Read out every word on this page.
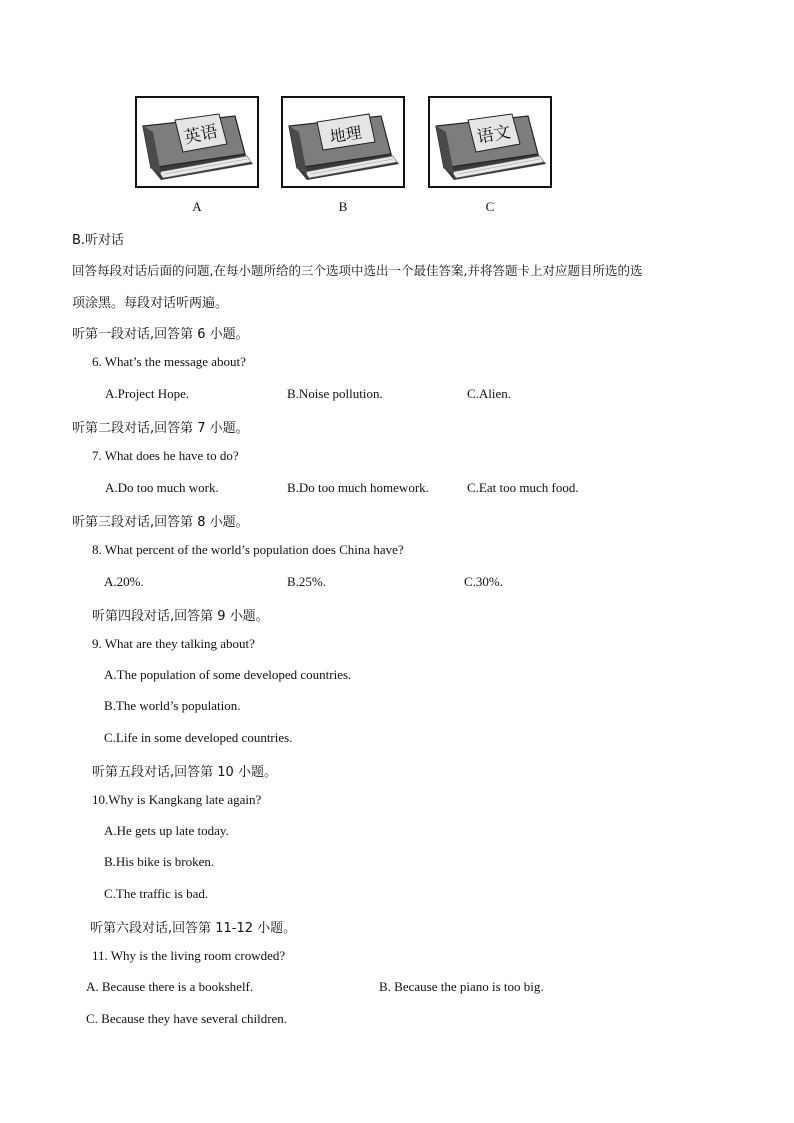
英语	地理	语文
A	B	C
B.听对话
回答每段对话后面的问题,在每小题所给的三个选项中选出一个最佳答案,并将答题卡上对应题目所选的选
项涂黑。每段对话听两遍。
听第一段对话,回答第 6 小题。
6. What’s the message about?
A.Project Hope.	B.Noise pollution.	C.Alien.
听第二段对话,回答第 7 小题。
7. What does he have to do?
A.Do too much work.	B.Do too much homework.	C.Eat too much food.
听第三段对话,回答第 8 小题。
8. What percent of the world’s population does China have?
A.20%.	B.25%.	C.30%.
听第四段对话,回答第 9 小题。
9. What are they talking about?
A.The population of some developed countries.
B.The world’s population.
C.Life in some developed countries.
听第五段对话,回答第 10 小题。
10.Why is Kangkang late again?
A.He gets up late today.
B.His bike is broken.
C.The traffic is bad.
听第六段对话,回答第 11-12 小题。
11. Why is the living room crowded?
A. Because there is a bookshelf.	B. Because the piano is too big.
C. Because they have several children.
